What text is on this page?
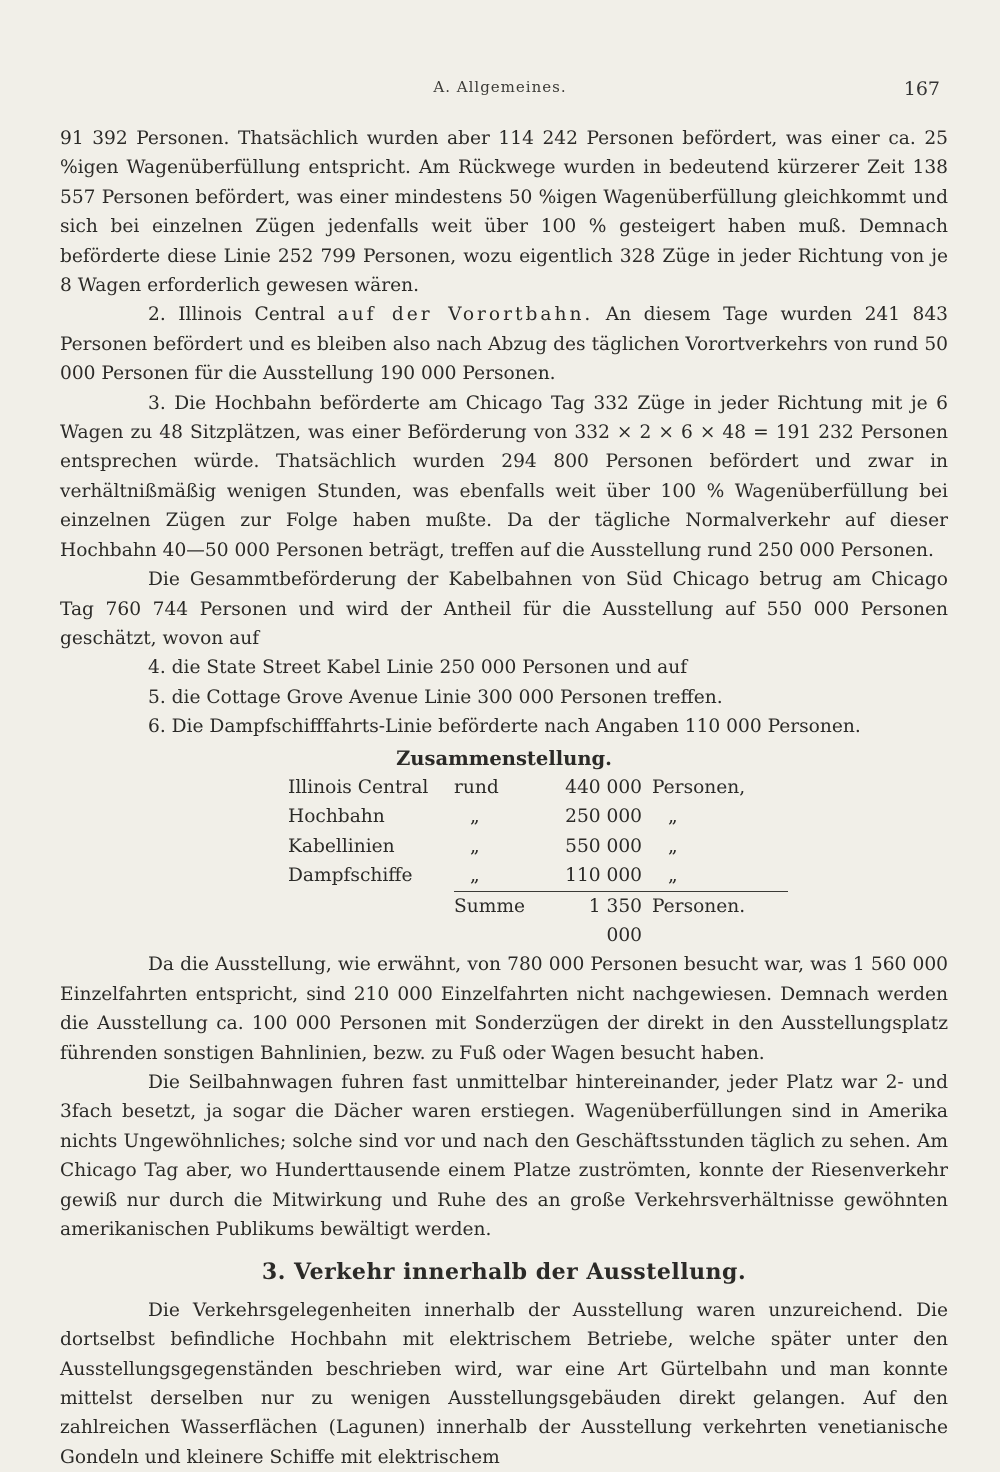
A. Allgemeines.	167

91 392 Personen. Thatsächlich wurden aber 114 242 Personen befördert, was einer ca. 25 %igen Wagenüberfüllung entspricht. Am Rückwege wurden in bedeutend kürzerer Zeit 138 557 Personen befördert, was einer mindestens 50 %igen Wagenüberfüllung gleichkommt und sich bei einzelnen Zügen jedenfalls weit über 100 % gesteigert haben muß. Demnach beförderte diese Linie 252 799 Personen, wozu eigentlich 328 Züge in jeder Richtung von je 8 Wagen erforderlich gewesen wären.

2. Illinois Central auf der Vorortbahn. An diesem Tage wurden 241 843 Personen befördert und es bleiben also nach Abzug des täglichen Vorortverkehrs von rund 50 000 Personen für die Ausstellung 190 000 Personen.

3. Die Hochbahn beförderte am Chicago Tag 332 Züge in jeder Richtung mit je 6 Wagen zu 48 Sitzplätzen, was einer Beförderung von 332 × 2 × 6 × 48 = 191 232 Personen entsprechen würde. Thatsächlich wurden 294 800 Personen befördert und zwar in verhältnißmäßig wenigen Stunden, was ebenfalls weit über 100 % Wagenüberfüllung bei einzelnen Zügen zur Folge haben mußte. Da der tägliche Normalverkehr auf dieser Hochbahn 40—50 000 Personen beträgt, treffen auf die Ausstellung rund 250 000 Personen.

Die Gesammtbeförderung der Kabelbahnen von Süd Chicago betrug am Chicago Tag 760 744 Personen und wird der Antheil für die Ausstellung auf 550 000 Personen geschätzt, wovon auf

4. die State Street Kabel Linie 250 000 Personen und auf

5. die Cottage Grove Avenue Linie 300 000 Personen treffen.

6. Die Dampfschifffahrts-Linie beförderte nach Angaben 110 000 Personen.

Zusammenstellung.
Illinois Central	rund	440 000	Personen,
Hochbahn	„	250 000	„
Kabellinien	„	550 000	„
Dampfschiffe	„	110 000	„
	Summe	1 350 000	Personen.

Da die Ausstellung, wie erwähnt, von 780 000 Personen besucht war, was 1 560 000 Einzelfahrten entspricht, sind 210 000 Einzelfahrten nicht nachgewiesen. Demnach werden die Ausstellung ca. 100 000 Personen mit Sonderzügen der direkt in den Ausstellungsplatz führenden sonstigen Bahnlinien, bezw. zu Fuß oder Wagen besucht haben.

Die Seilbahnwagen fuhren fast unmittelbar hintereinander, jeder Platz war 2- und 3fach besetzt, ja sogar die Dächer waren erstiegen. Wagenüberfüllungen sind in Amerika nichts Ungewöhnliches; solche sind vor und nach den Geschäftsstunden täglich zu sehen. Am Chicago Tag aber, wo Hunderttausende einem Platze zuströmten, konnte der Riesenverkehr gewiß nur durch die Mitwirkung und Ruhe des an große Verkehrsverhältnisse gewöhnten amerikanischen Publikums bewältigt werden.

3. Verkehr innerhalb der Ausstellung.

Die Verkehrsgelegenheiten innerhalb der Ausstellung waren unzureichend. Die dortselbst befindliche Hochbahn mit elektrischem Betriebe, welche später unter den Ausstellungsgegenständen beschrieben wird, war eine Art Gürtelbahn und man konnte mittelst derselben nur zu wenigen Ausstellungsgebäuden direkt gelangen. Auf den zahlreichen Wasserflächen (Lagunen) innerhalb der Ausstellung verkehrten venetianische Gondeln und kleinere Schiffe mit elektrischem
